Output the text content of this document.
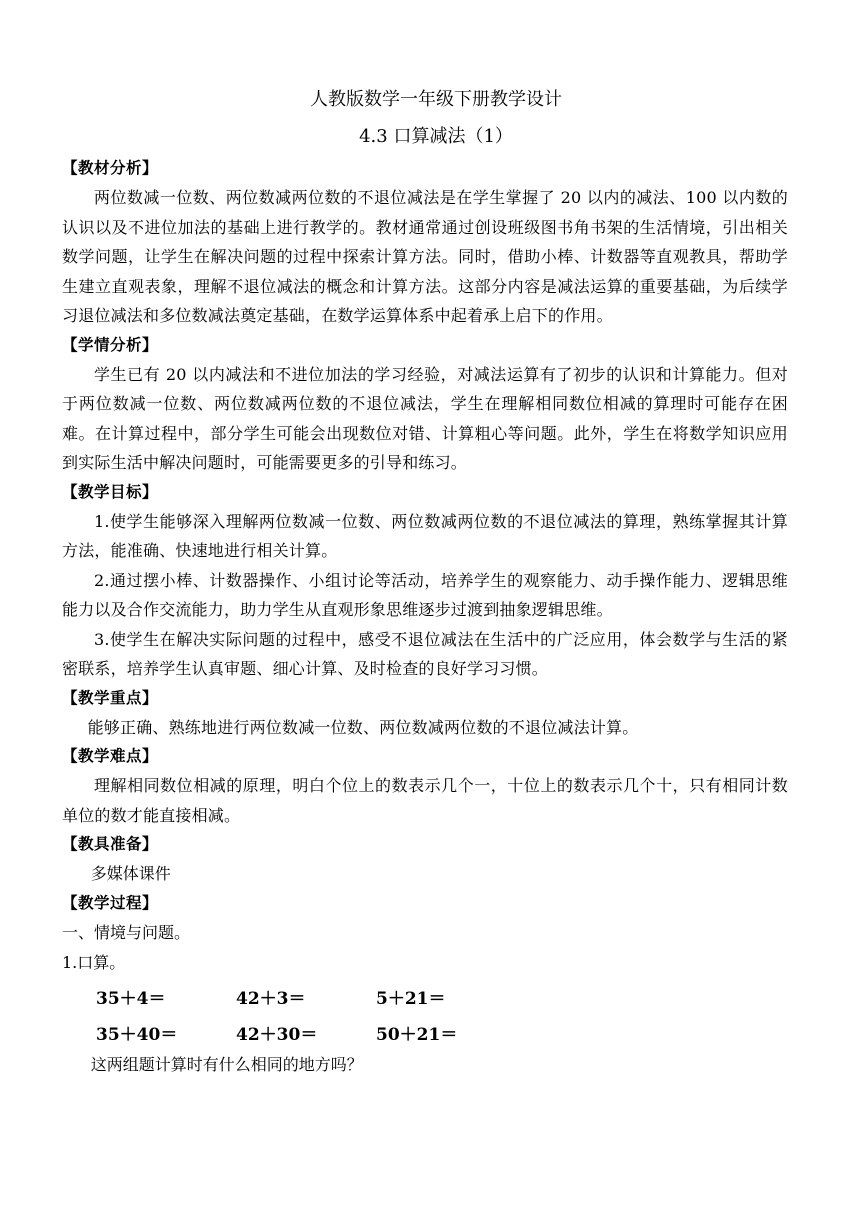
人教版数学一年级下册教学设计
4.3 口算减法（1）
【教材分析】
两位数减一位数、两位数减两位数的不退位减法是在学生掌握了 20 以内的减法、100 以内数的认识以及不进位加法的基础上进行教学的。教材通常通过创设班级图书角书架的生活情境，引出相关数学问题，让学生在解决问题的过程中探索计算方法。同时，借助小棒、计数器等直观教具，帮助学生建立直观表象，理解不退位减法的概念和计算方法。这部分内容是减法运算的重要基础，为后续学习退位减法和多位数减法奠定基础，在数学运算体系中起着承上启下的作用。
【学情分析】
学生已有 20 以内减法和不进位加法的学习经验，对减法运算有了初步的认识和计算能力。但对于两位数减一位数、两位数减两位数的不退位减法，学生在理解相同数位相减的算理时可能存在困难。在计算过程中，部分学生可能会出现数位对错、计算粗心等问题。此外，学生在将数学知识应用到实际生活中解决问题时，可能需要更多的引导和练习。
【教学目标】
1.使学生能够深入理解两位数减一位数、两位数减两位数的不退位减法的算理，熟练掌握其计算方法，能准确、快速地进行相关计算。
2.通过摆小棒、计数器操作、小组讨论等活动，培养学生的观察能力、动手操作能力、逻辑思维能力以及合作交流能力，助力学生从直观形象思维逐步过渡到抽象逻辑思维。
3.使学生在解决实际问题的过程中，感受不退位减法在生活中的广泛应用，体会数学与生活的紧密联系，培养学生认真审题、细心计算、及时检查的良好学习习惯。
【教学重点】
能够正确、熟练地进行两位数减一位数、两位数减两位数的不退位减法计算。
【教学难点】
理解相同数位相减的原理，明白个位上的数表示几个一，十位上的数表示几个十，只有相同计数单位的数才能直接相减。
【教具准备】
多媒体课件
【教学过程】
一、情境与问题。
1.口算。
35＋4＝	42＋3＝	5＋21＝
35＋40＝	42＋30＝	50＋21＝
这两组题计算时有什么相同的地方吗？
